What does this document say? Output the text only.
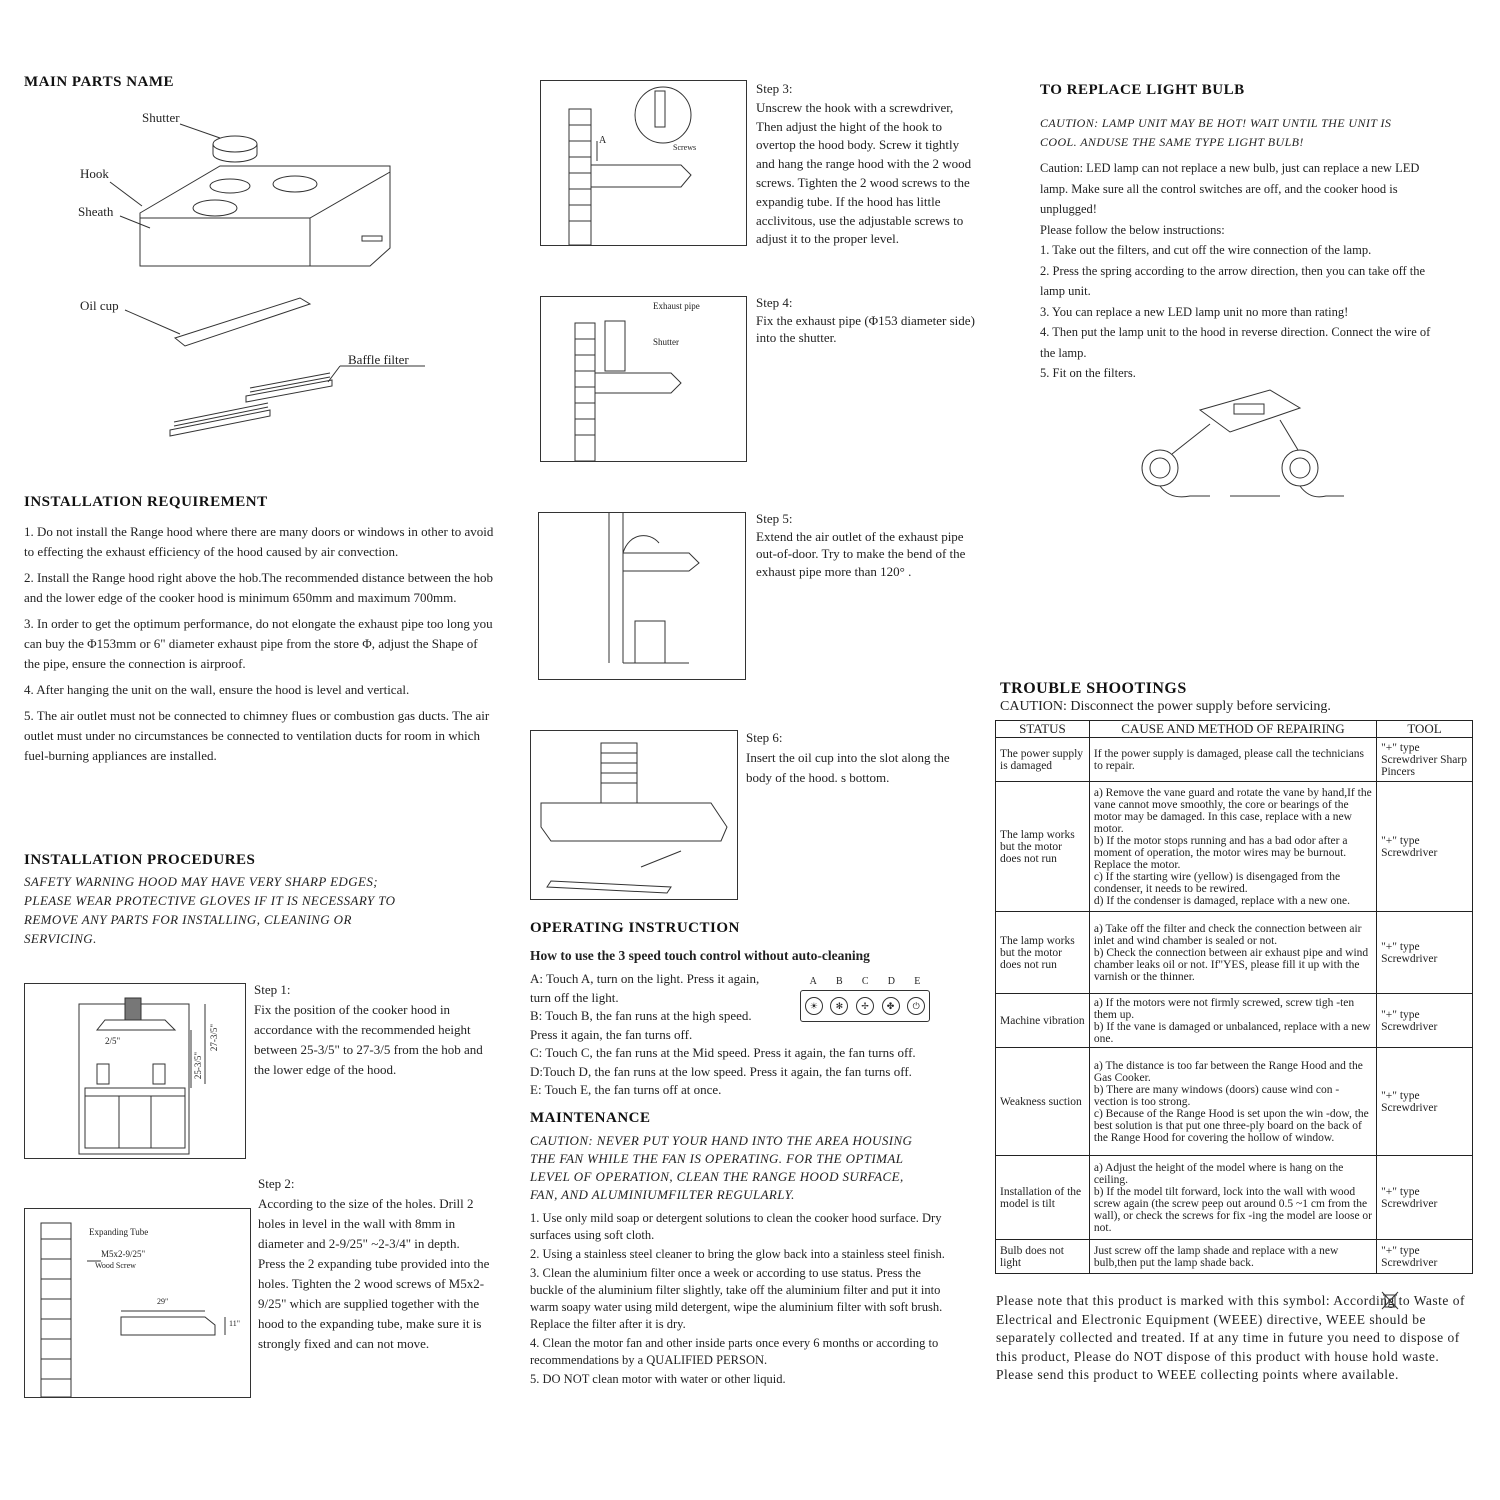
MAIN PARTS NAME
Shutter
Hook
Sheath
Oil cup
Baffle filter
INSTALLATION REQUIREMENT
1. Do not install the Range hood where there are many doors or windows in other to avoid to effecting the exhaust efficiency of the hood caused by air convection.
2. Install the Range hood right above the hob.The recommended distance between the hob and the lower edge of the cooker hood is minimum 650mm and maximum 700mm.
3. In order to get the optimum performance, do not elongate the exhaust pipe too long you can buy the Φ153mm or 6" diameter exhaust pipe from the store Φ, adjust the Shape of the pipe, ensure the connection is airproof.
4. After hanging the unit on the wall, ensure the hood is level and vertical.
5. The air outlet must not be connected to chimney flues or combustion gas ducts. The air outlet must under no circumstances be connected to ventilation ducts for room in which fuel-burning appliances are installed.
INSTALLATION PROCEDURES
SAFETY WARNING HOOD MAY HAVE VERY SHARP EDGES; PLEASE WEAR PROTECTIVE GLOVES IF IT IS NECESSARY TO REMOVE ANY PARTS FOR INSTALLING, CLEANING OR SERVICING.
2/5"	27-3/5"
25-3/5"

Step 1:

Fix the position of the cooker hood in accordance with the recommended height between 25-3/5" to 27-3/5 from the hob and the lower edge of the hood.

Expanding Tube
M5x2-9/25"
Wood Screw
29"
11"

Step 2:

According to the size of the holes. Drill 2 holes in level in the wall with 8mm in diameter and 2-9/25" ~2-3/4" in depth. Press the 2 expanding tube provided into the holes. Tighten the 2 wood screws of M5x2-9/25" which are supplied together with the hood to the expanding tube, make sure it is strongly fixed and can not move.

A
Screws

Step 3:

Unscrew the hook with a screwdriver, Then adjust the hight of the hook to overtop the hood body. Screw it tightly and hang the range hood with the 2 wood screws. Tighten the 2 wood screws to the expandig tube. If the hood has little acclivitous, use the adjustable screws to adjust it to the proper level.

Exhaust pipe
Shutter

Step 4:

Fix the exhaust pipe (Φ153 diameter side) into the shutter.

Step 5:

Extend the air outlet of the exhaust pipe out-of-door. Try to make the bend of the exhaust pipe more than 120° .

Step 6:

Insert the oil cup into the slot along the body of the hood. s bottom.

OPERATING INSTRUCTION
How to use the 3 speed touch control without auto-cleaning
A: Touch A, turn on the light. Press it again, turn off the light.
B: Touch B, the fan runs at the high speed. Press it again, the fan turns off.
C: Touch C, the fan runs at the Mid speed. Press it again, the fan turns off.
D:Touch D, the fan runs at the low speed. Press it again, the fan turns off.
E: Touch E, the fan turns off at once.
A B C D E
☀	✻	✢	✤	⏻
MAINTENANCE
CAUTION: NEVER PUT YOUR HAND INTO THE AREA HOUSING THE FAN WHILE THE FAN IS OPERATING. FOR THE OPTIMAL LEVEL OF OPERATION, CLEAN THE RANGE HOOD SURFACE, FAN, AND ALUMINIUMFILTER REGULARLY.
1. Use only mild soap or detergent solutions to clean the cooker hood surface. Dry surfaces using soft cloth.
2. Using a stainless steel cleaner to bring the glow back into a stainless steel finish.
3. Clean the aluminium filter once a week or according to use status. Press the buckle of the aluminium filter slightly, take off the aluminium filter and put it into warm soapy water using mild detergent, wipe the aluminium filter with soft brush. Replace the filter after it is dry.
4. Clean the motor fan and other inside parts once every 6 months or according to recommendations by a QUALIFIED PERSON.
5. DO NOT clean motor with water or other liquid.
TO REPLACE LIGHT BULB
CAUTION: LAMP UNIT MAY BE HOT! WAIT UNTIL THE UNIT IS COOL. ANDUSE THE SAME TYPE LIGHT BULB!
Caution: LED lamp can not replace a new bulb, just can replace a new LED lamp. Make sure all the control switches are off, and the cooker hood is unplugged!
Please follow the below instructions:
1. Take out the filters, and cut off the wire connection of the lamp.
2. Press the spring according to the arrow direction, then you can take off the lamp unit.
3. You can replace a new LED lamp unit no more than rating!
4. Then put the lamp unit to the hood in reverse direction. Connect the wire of the lamp.
5. Fit on the filters.
TROUBLE SHOOTINGS
CAUTION: Disconnect the power supply before servicing.
STATUS	CAUSE AND METHOD OF REPAIRING	TOOL
The power supply is damaged	If the power supply is damaged, please call the technicians to repair.	"+" type Screwdriver Sharp Pincers
The lamp works but the motor does not run	a) Remove the vane guard and rotate the vane by hand,If the vane cannot move smoothly, the core or bearings of the motor may be damaged. In this case, replace with a new motor.
b) If the motor stops running and has a bad odor after a moment of operation, the motor wires may be burnout. Replace the motor.
c) If the starting wire (yellow) is disengaged from the condenser, it needs to be rewired.
d) If the condenser is damaged, replace with a new one.	"+" type Screwdriver
The lamp works but the motor does not run	a) Take off the filter and check the connection between air inlet and wind chamber is sealed or not.
b) Check the connection between air exhaust pipe and wind chamber leaks oil or not. If"YES, please fill it up with the varnish or the thinner.	"+" type Screwdriver
Machine vibration	a) If the motors were not firmly screwed, screw tigh -ten them up.
b) If the vane is damaged or unbalanced, replace with a new one.	"+" type Screwdriver
Weakness suction	a) The distance is too far between the Range Hood and the Gas Cooker.
b) There are many windows (doors) cause wind con -vection is too strong.
c) Because of the Range Hood is set upon the win -dow, the best solution is that put one three-ply board on the back of the Range Hood for covering the hollow of window.	"+" type Screwdriver
Installation of the model is tilt	a) Adjust the height of the model where is hang on the ceiling.
b) If the model tilt forward, lock into the wall with wood screw again (the screw peep out around 0.5 ~1 cm from the wall), or check the screws for fix -ing the model are loose or not.	"+" type Screwdriver
Bulb does not light	Just screw off the lamp shade and replace with a new bulb,then put the lamp shade back.	"+" type Screwdriver
Please note that this product is marked with this symbol: According to Waste of Electrical and Electronic Equipment (WEEE) directive, WEEE should be separately collected and treated. If at any time in future you need to dispose of this product, Please do NOT dispose of this product with house hold waste. Please send this product to WEEE collecting points where available.
